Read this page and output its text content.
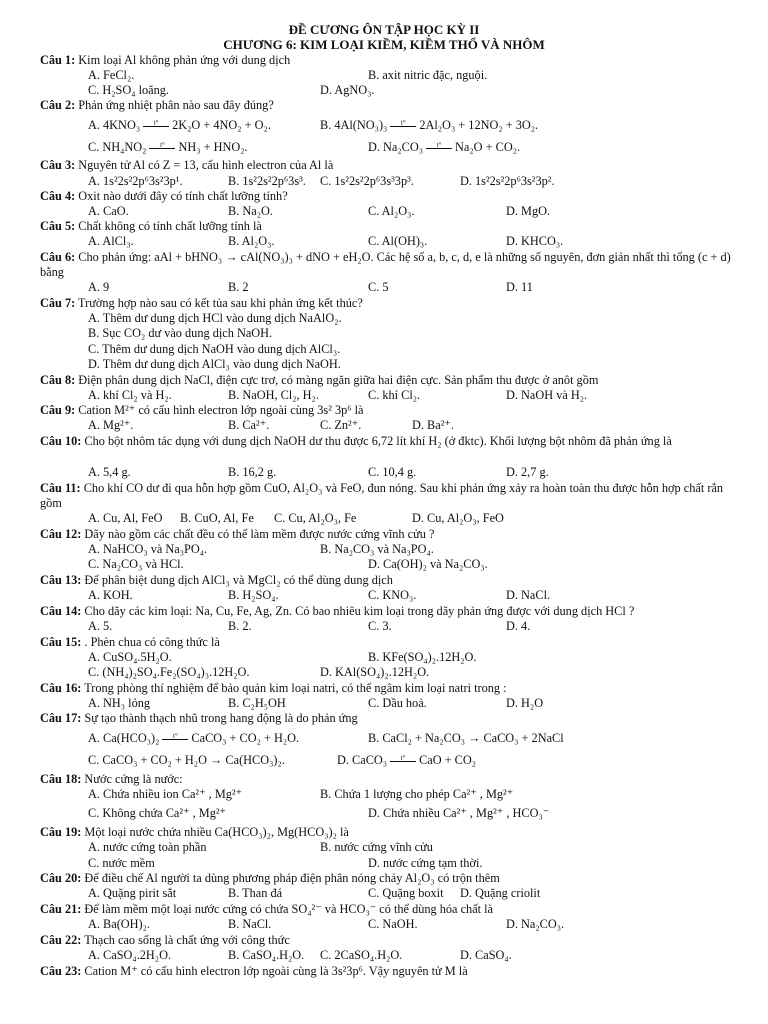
ĐỀ CƯƠNG ÔN TẬP HỌC KỲ II
CHƯƠNG 6: KIM LOẠI KIỀM, KIỀM THỔ VÀ NHÔM
Câu 1: Kim loại Al không phản ứng với dung dịch
A. FeCl₂.	B. axit nitric đặc, nguội.
C. H₂SO₄ loãng.	D. AgNO₃.
Câu 2: Phản ứng nhiệt phân nào sau đây đúng?
A. 4KNO₃ t° 2K₂O + 4NO₂ + O₂.	B. 4Al(NO₃)₃ t° 2Al₂O₃ + 12NO₂ + 3O₂.
C. NH₄NO₂ t° NH₃ + HNO₂.	D. Na₂CO₃ t° Na₂O + CO₂.
Câu 3: Nguyên tử Al có Z = 13, cấu hình electron của Al là
A. 1s²2s²2p⁶3s²3p¹.	B. 1s²2s²2p⁶3s³. C. 1s²2s²2p⁶3s³3p³.	D. 1s²2s²2p⁶3s²3p².
Câu 4: Oxit nào dưới đây có tính chất lưỡng tính?
A. CaO.	B. Na₂O.	C. Al₂O₃.	D. MgO.
Câu 5: Chất không có tính chất lưỡng tính là
A. AlCl₃.	B. Al₂O₃.	C. Al(OH)₃.	D. KHCO₃.
Câu 6: Cho phản ứng: aAl + bHNO₃ → cAl(NO₃)₃ + dNO + eH₂O. Các hệ số a, b, c, d, e là những số nguyên, đơn giản nhất thì tổng (c + d) bằng
A. 9	B. 2	C. 5	D. 11
Câu 7: Trường hợp nào sau có kết tủa sau khi phản ứng kết thúc?
A. Thêm dư dung dịch HCl vào dung dịch NaAlO₂.
B. Sục CO₂ dư vào dung dịch NaOH.
C. Thêm dư dung dịch NaOH vào dung dịch AlCl₃.
D. Thêm dư dung dịch AlCl₃ vào dung dịch NaOH.
Câu 8: Điện phân dung dịch NaCl, điện cực trơ, có màng ngăn giữa hai điện cực. Sản phẩm thu được ở anôt gồm
A. khí Cl₂ và H₂.	B. NaOH, Cl₂, H₂.	C. khí Cl₂.	D. NaOH và H₂.
Câu 9: Cation M²⁺ có cấu hình electron lớp ngoài cùng 3s² 3p⁶ là
A. Mg²⁺.	B. Ca²⁺.	C. Zn²⁺.	D. Ba²⁺.
Câu 10: Cho bột nhôm tác dụng với dung dịch NaOH dư thu được 6,72 lít khí H₂ (ở đktc). Khối lượng bột nhôm đã phản ứng là
A. 5,4 g.	B. 16,2 g.	C. 10,4 g.	D. 2,7 g.
Câu 11: Cho khí CO dư đi qua hỗn hợp gồm CuO, Al₂O₃ và FeO, đun nóng. Sau khi phản ứng xảy ra hoàn toàn thu được hỗn hợp chất rắn gồm
A. Cu, Al, FeO B. CuO, Al, Fe C. Cu, Al₂O₃, Fe	D. Cu, Al₂O₃, FeO
Câu 12: Dãy nào gồm các chất đều có thể làm mềm được nước cứng vĩnh cửu ?
A. NaHCO₃ và Na₃PO₄.	B. Na₂CO₃ và Na₃PO₄.
C. Na₂CO₃ và HCl.	D. Ca(OH)₂ và Na₂CO₃.
Câu 13: Để phân biệt dung dịch AlCl₃ và MgCl₂ có thể dùng dung dịch
A. KOH.	B. H₂SO₄.	C. KNO₃.	D. NaCl.
Câu 14: Cho dãy các kim loại: Na, Cu, Fe, Ag, Zn. Có bao nhiêu kim loại trong dãy phản ứng được với dung dịch HCl ?
A. 5.	B. 2.	C. 3.	D. 4.
Câu 15: . Phèn chua có công thức là
A. CuSO₄.5H₂O.	B. KFe(SO₄)₂.12H₂O.
C. (NH₄)₂SO₄.Fe₂(SO₄)₃.12H₂O.	D. KAl(SO₄)₂.12H₂O.
Câu 16: Trong phòng thí nghiệm để bảo quản kim loại natri, có thể ngâm kim loại natri trong :
A. NH₃ lỏng	B. C₂H₅OH	C. Dầu hoả.	D. H₂O
Câu 17: Sự tạo thành thạch nhũ trong hang động là do phản ứng
A. Ca(HCO₃)₂ t° CaCO₃ + CO₂ + H₂O.	B. CaCl₂ + Na₂CO₃ → CaCO₃ + 2NaCl
C. CaCO₃ + CO₂ + H₂O → Ca(HCO₃)₂.	D. CaCO₃ t° CaO + CO₂
Câu 18: Nước cứng là nước:
A. Chứa nhiều ion Ca²⁺ , Mg²⁺	B. Chứa 1 lượng cho phép Ca²⁺ , Mg²⁺
C. Không chứa Ca²⁺ , Mg²⁺	D. Chứa nhiều Ca²⁺ , Mg²⁺ , HCO₃⁻
Câu 19: Một loại nước chứa nhiều Ca(HCO₃)₂, Mg(HCO₃)₂ là
A. nước cứng toàn phần	B. nước cứng vĩnh cửu
C. nước mềm	D. nước cứng tạm thời.
Câu 20: Để điều chế Al người ta dùng phương pháp điện phân nóng chảy Al₂O₃ có trộn thêm
A. Quặng pirit sắt	B. Than đá	C. Quặng boxit D. Quặng criolit
Câu 21: Để làm mềm một loại nước cứng có chứa SO₄²⁻ và HCO₃⁻ có thể dùng hóa chất là
A. Ba(OH)₂.	B. NaCl.	C. NaOH.	D. Na₂CO₃.
Câu 22: Thạch cao sống là chất ứng với công thức
A. CaSO₄.2H₂O.	B. CaSO₄.H₂O. C. 2CaSO₄.H₂O.	D. CaSO₄.
Câu 23: Cation M⁺ có cấu hình electron lớp ngoài cùng là 3s²3p⁶. Vậy nguyên tử M là
